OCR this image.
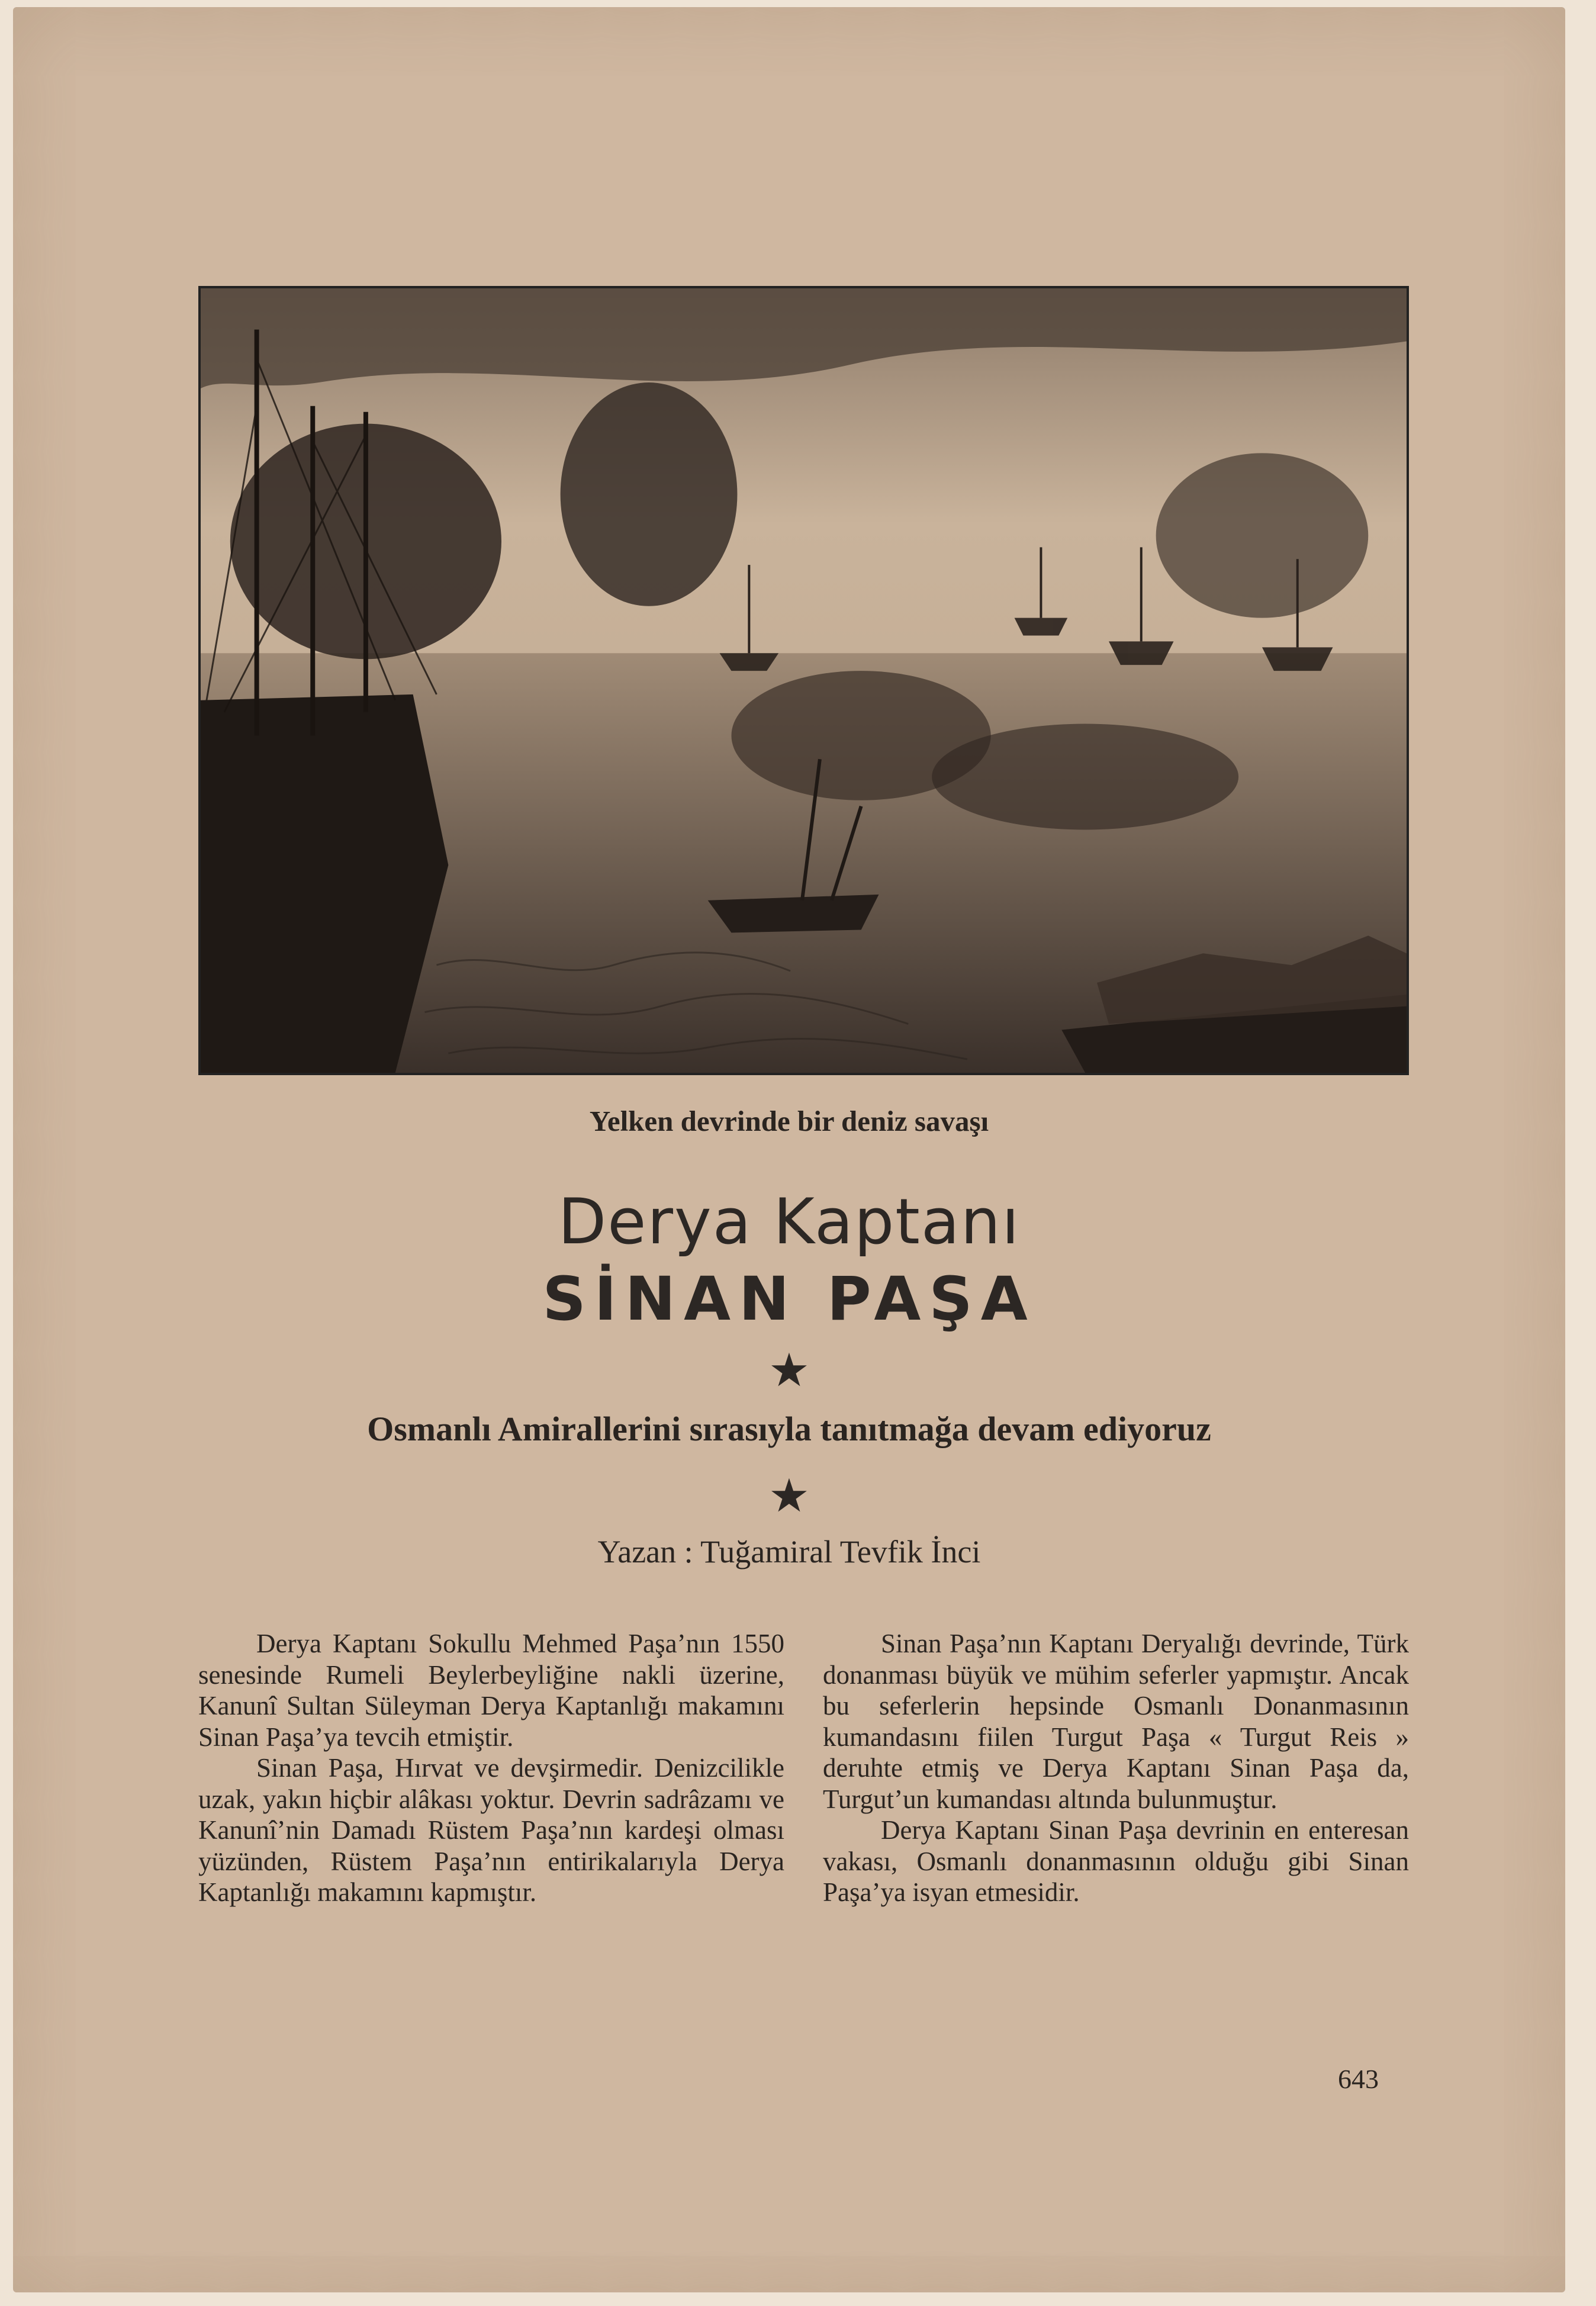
Yelken devrinde bir deniz savaşı
Derya Kaptanı
SİNAN PAŞA
★
Osmanlı Amirallerini sırasıyla tanıtmağa devam ediyoruz
★
Yazan : Tuğamiral Tevfik İnci

Derya Kaptanı Sokullu Mehmed Paşa’nın 1550 senesinde Rumeli Beylerbeyliğine nakli üzerine, Kanunî Sultan Süleyman Derya Kaptanlığı makamını Sinan Paşa’ya tevcih etmiştir.

Sinan Paşa, Hırvat ve devşirmedir. Denizcilikle uzak, yakın hiçbir alâkası yoktur. Devrin sadrâzamı ve Kanunî’nin Damadı Rüstem Paşa’nın kardeşi olması yüzünden, Rüstem Paşa’nın entirikalarıyla Derya Kaptanlığı makamını kapmıştır.

Sinan Paşa’nın Kaptanı Deryalığı devrinde, Türk donanması büyük ve mühim seferler yapmıştır. Ancak bu seferlerin hepsinde Osmanlı Donanmasının kumandasını fiilen Turgut Paşa « Turgut Reis » deruhte etmiş ve Derya Kaptanı Sinan Paşa da, Turgut’un kumandası altında bulunmuştur.

Derya Kaptanı Sinan Paşa devrinin en enteresan vakası, Osmanlı donanmasının olduğu gibi Sinan Paşa’ya isyan etmesidir.

643
